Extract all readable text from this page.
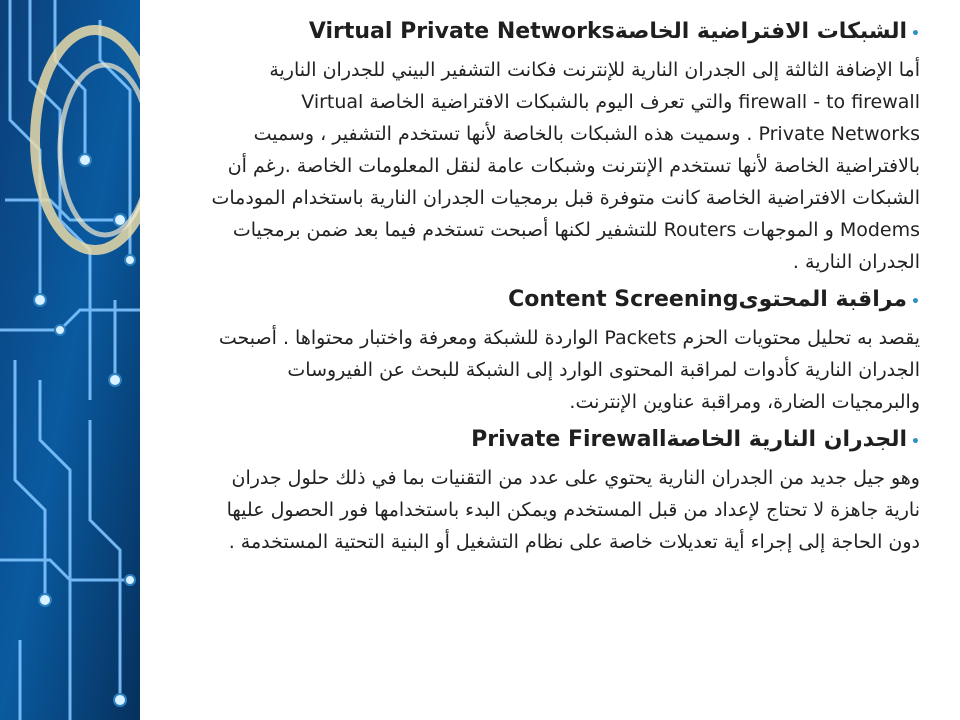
•الشبكات الافتراضية الخاصةVirtual Private Networks

أما الإضافة الثالثة إلى الجدران النارية للإنترنت فكانت التشفير البيني للجدران النارية

firewall - to firewall والتي تعرف اليوم بالشبكات الافتراضية الخاصة Virtual

Private Networks . وسميت هذه الشبكات بالخاصة لأنها تستخدم التشفير ، وسميت

بالافتراضية الخاصة لأنها تستخدم الإنترنت وشبكات عامة لنقل المعلومات الخاصة .رغم أن

الشبكات الافتراضية الخاصة كانت متوفرة قبل برمجيات الجدران النارية باستخدام المودمات

Modems و الموجهات Routers للتشفير لكنها أصبحت تستخدم فيما بعد ضمن برمجيات

الجدران النارية .

•مراقبة المحتوىContent Screening

يقصد به تحليل محتويات الحزم Packets الواردة للشبكة ومعرفة واختبار محتواها . أصبحت

الجدران النارية كأدوات لمراقبة المحتوى الوارد إلى الشبكة للبحث عن الفيروسات

والبرمجيات الضارة، ومراقبة عناوين الإنترنت.

•الجدران النارية الخاصةPrivate Firewall

وهو جيل جديد من الجدران النارية يحتوي على عدد من التقنيات بما في ذلك حلول جدران

نارية جاهزة لا تحتاج لإعداد من قبل المستخدم ويمكن البدء باستخدامها فور الحصول عليها

دون الحاجة إلى إجراء أية تعديلات خاصة على نظام التشغيل أو البنية التحتية المستخدمة .
